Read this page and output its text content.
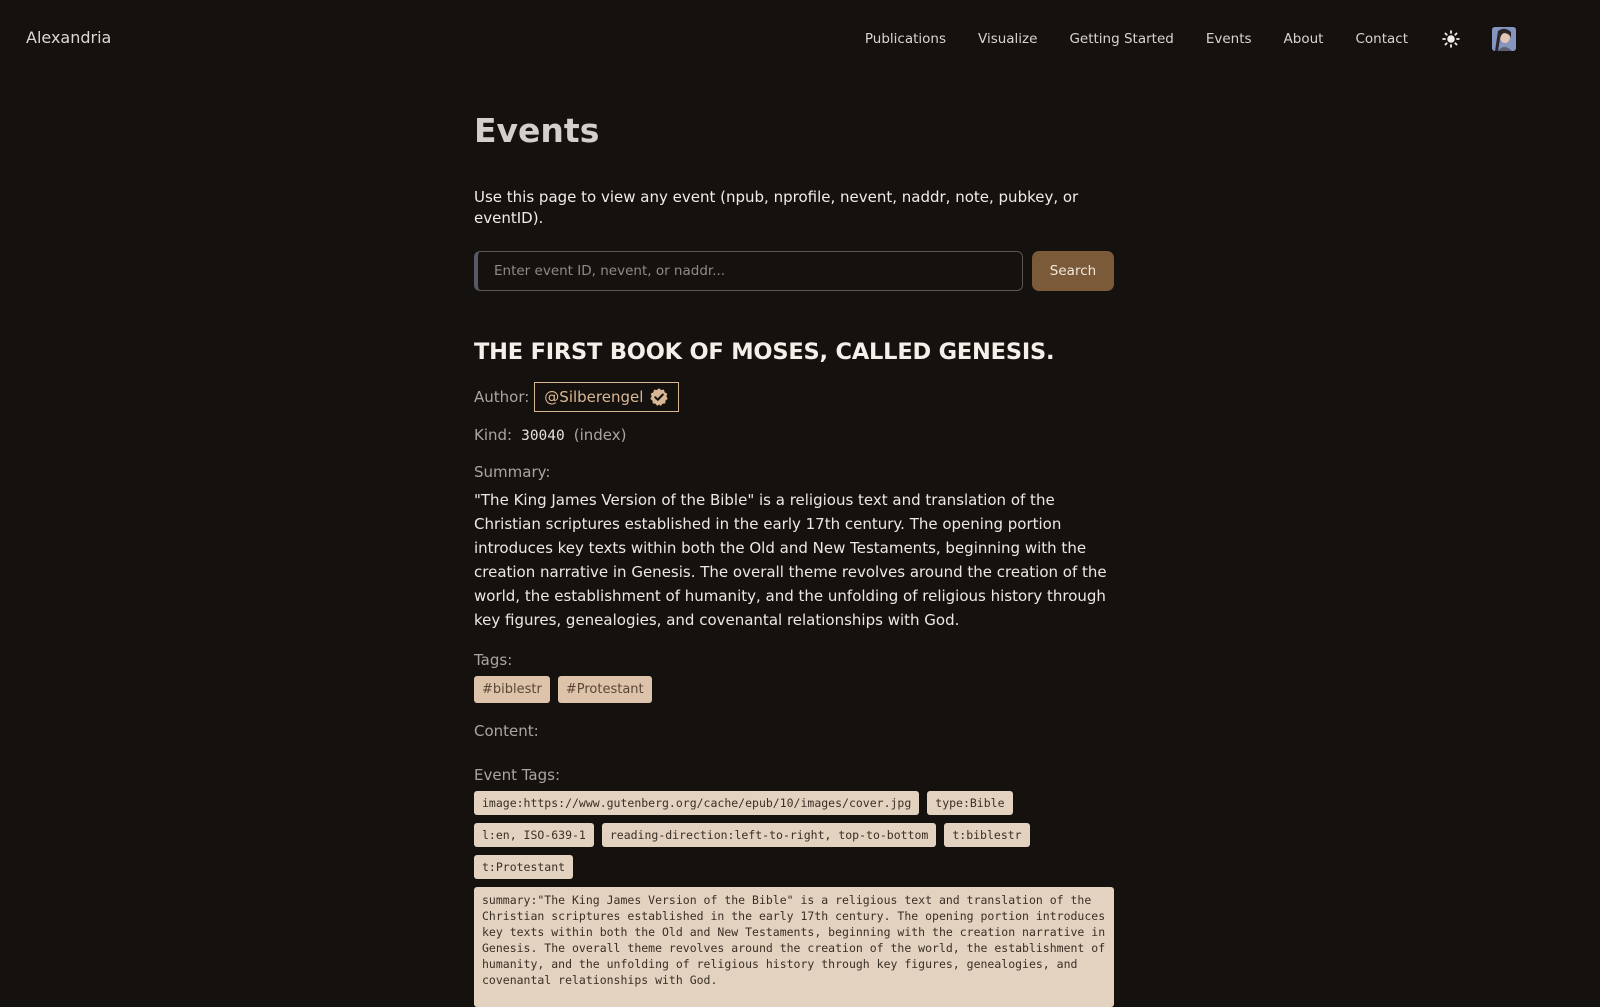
Alexandria	Publications Visualize Getting Started Events About Contact
Events

Use this page to view any event (npub, nprofile, nevent, naddr, note, pubkey, or eventID).

Enter event ID, nevent, or naddr...
Search
THE FIRST BOOK OF MOSES, CALLED GENESIS.
Author: @Silberengel
Kind: 30040 (index)
Summary:

"The King James Version of the Bible" is a religious text and translation of the Christian scriptures established in the early 17th century. The opening portion introduces key texts within both the Old and New Testaments, beginning with the creation narrative in Genesis. The overall theme revolves around the creation of the world, the establishment of humanity, and the unfolding of religious history through key figures, genealogies, and covenantal relationships with God.

Tags:
#biblestr	#Protestant
Content:
Event Tags:
image:https://www.gutenberg.org/cache/epub/10/images/cover.jpg	type:Bible
l:en, ISO-639-1	reading-direction:left-to-right, top-to-bottom	t:biblestr
t:Protestant
summary:"The King James Version of the Bible" is a religious text and translation of the Christian scriptures established in the early 17th century. The opening portion introduces key texts within both the Old and New Testaments, beginning with the creation narrative in Genesis. The overall theme revolves around the creation of the world, the establishment of humanity, and the unfolding of religious history through key figures, genealogies, and covenantal relationships with God.
